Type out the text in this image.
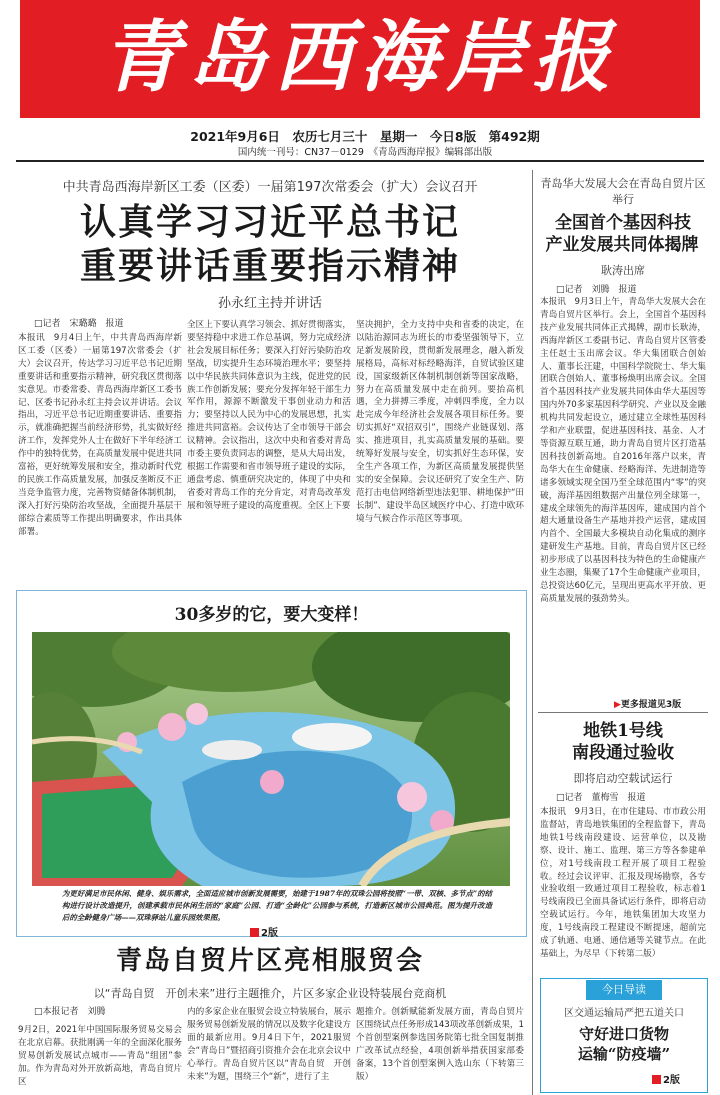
青岛西海岸报
2021年9月6日　农历七月三十　星期一　今日8版　第492期
国内统一刊号：CN37－0129　《青岛西海岸报》编辑部出版
中共青岛西海岸新区工委（区委）一届第197次常委会（扩大）会议召开
认真学习习近平总书记
重要讲话重要指示精神
孙永红主持并讲话
□记者　宋璐璐　报道
本报讯　9月4日上午，中共青岛西海岸新区工委（区委）一届第197次常委会（扩大）会议召开，传达学习习近平总书记近期重要讲话和重要指示精神，研究我区贯彻落实意见。市委常委、青岛西海岸新区工委书记、区委书记孙永红主持会议并讲话。会议指出，习近平总书记近期重要讲话、重要指示，就准确把握当前经济形势，扎实做好经济工作，发挥党外人士在做好下半年经济工作中的独特优势，在高质量发展中促进共同富裕，更好统筹发展和安全，推动新时代党的民族工作高质量发展，加强反垄断反不正当竞争监管力度，完善物资储备体制机制，深入打好污染防治攻坚战，全面提升基层干部综合素质等工作提出明确要求，作出具体部署。
全区上下要认真学习领会、抓好贯彻落实，要坚持稳中求进工作总基调，努力完成经济社会发展目标任务；要深入打好污染防治攻坚战，切实提升生态环境治理水平；要坚持以中华民族共同体意识为主线，促进党的民族工作创新发展；要充分发挥年轻干部生力军作用，源源不断激发干事创业动力和活力；要坚持以人民为中心的发展思想，扎实推进共同富裕。会议传达了全市领导干部会议精神。会议指出，这次中央和省委对青岛市委主要负责同志的调整，是从大局出发，根据工作需要和省市领导班子建设的实际，通盘考虑、慎重研究决定的，体现了中央和省委对青岛工作的充分肯定，对青岛改革发展和领导班子建设的高度重视。全区上下要
坚决拥护，全力支持中央和省委的决定，在以陆治源同志为班长的市委坚强领导下，立足新发展阶段，贯彻新发展理念，融入新发展格局，高标对标经略海洋，自贸试验区建设，国家级新区体制机制创新等国家战略，努力在高质量发展中走在前列。要抬高机遇，全力拼搏三季度，冲刺四季度，全力以赴完成今年经济社会发展各项目标任务。要切实抓好“双招双引”，围绕产业链谋划、落实、推进项目，扎实高质量发展的基础。要统筹好发展与安全，切实抓好生态环保，安全生产各项工作，为新区高质量发展提供坚实的安全保障。会议还研究了安全生产、防范打击电信网络新型违法犯罪、耕地保护“田长制”、建设半岛区域医疗中心、打造中欧环境与气候合作示范区等事项。
30多岁的它，要大变样！
为更好满足市民休闲、健身、娱乐需求，全面适应城市创新发展需要，始建于1987年的双珠公园将按照“一带、双核、多节点”的结构进行设计改造提升，创建承载市民休闲生活的“家庭”公园、打造“全龄化”公园参与系统，打造新区城市公园典范。图为提升改造后的全龄健身广场——双珠驿站儿童乐园效果图。
2版
青岛自贸片区亮相服贸会
以“青岛自贸　开创未来”进行主题推介，片区多家企业设特装展台竞商机
□本报记者　刘腾
9月2日，2021年中国国际服务贸易交易会在北京启幕。获批刚满一年的全面深化服务贸易创新发展试点城市——青岛“组团”参加。作为青岛对外开放新高地，青岛自贸片区
内的多家企业在服贸会设立特装展台，展示服务贸易创新发展的情况以及数字化建设方面的最新应用。9月4日下午，2021服贸会“青岛日”暨招商引资推介会在北京会议中心举行。青岛自贸片区以“青岛自贸　开创未来”为题，围绕三个“新”，进行了主
题推介。创新赋能新发展方面，青岛自贸片区围绕试点任务形成143项改革创新成果，1个首创型案例参选国务院第七批全国复制推广改革试点经验，4项创新举措获国家部委备案，13个首创型案例入选山东（下转第三版）
青岛华大发展大会在青岛自贸片区举行
全国首个基因科技
产业发展共同体揭牌
耿涛出席
□记者　刘腾　报道
本报讯　9月3日上午，青岛华大发展大会在青岛自贸片区举行。会上，全国首个基因科技产业发展共同体正式揭牌，副市长耿涛，西海岸新区工委副书记、青岛自贸片区管委主任赵士玉出席会议。华大集团联合创始人、董事长汪建，中国科学院院士、华大集团联合创始人、董事杨焕明出席会议。全国首个基因科技产业发展共同体由华大基因等国内外70多家基因科学研究、产业以及金融机构共同发起设立，通过建立全球性基因科学和产业联盟，促进基因科技、基金、人才等资源互联互通，助力青岛自贸片区打造基因科技创新高地。自2016年落户以来，青岛华大在生命健康、经略海洋、先进制造等诸多领域实现全国乃至全球范围内“零”的突破，海洋基因组数据产出量位列全球第一，建成全球领先的海洋基因库，建成国内首个超大通量设备生产基地并投产运营，建成国内首个、全国最大多模块自动化集成的测序建研发生产基地。目前，青岛自贸片区已经初步形成了以基因科技为特色的生命健康产业生态圈，集聚了17个生命健康产业项目，总投资达60亿元，呈现出更高水平开放、更高质量发展的强劲势头。
▶更多报道见3版
地铁1号线
南段通过验收
即将启动空载试运行
□记者　董梅雪　报道
本报讯　9月3日，在市住建局、市市政公用监督站，青岛地铁集团的全程监督下，青岛地铁1号线南段建设、运营单位，以及勘察、设计、施工、监理、第三方等各参建单位，对1号线南段工程开展了项目工程验收。经过会议评审、汇报及现场勘察，各专业验收组一致通过项目工程验收，标志着1号线南段已全面具备试运行条件，即将启动空载试运行。今年，地铁集团加大攻坚力度，1号线南段工程建设不断提速，超前完成了轨通、电通、通信通等关键节点。在此基础上，为尽早（下转第二版）
今日导读
区交通运输局严把五道关口
守好进口货物
运输“防疫墙”
2版
